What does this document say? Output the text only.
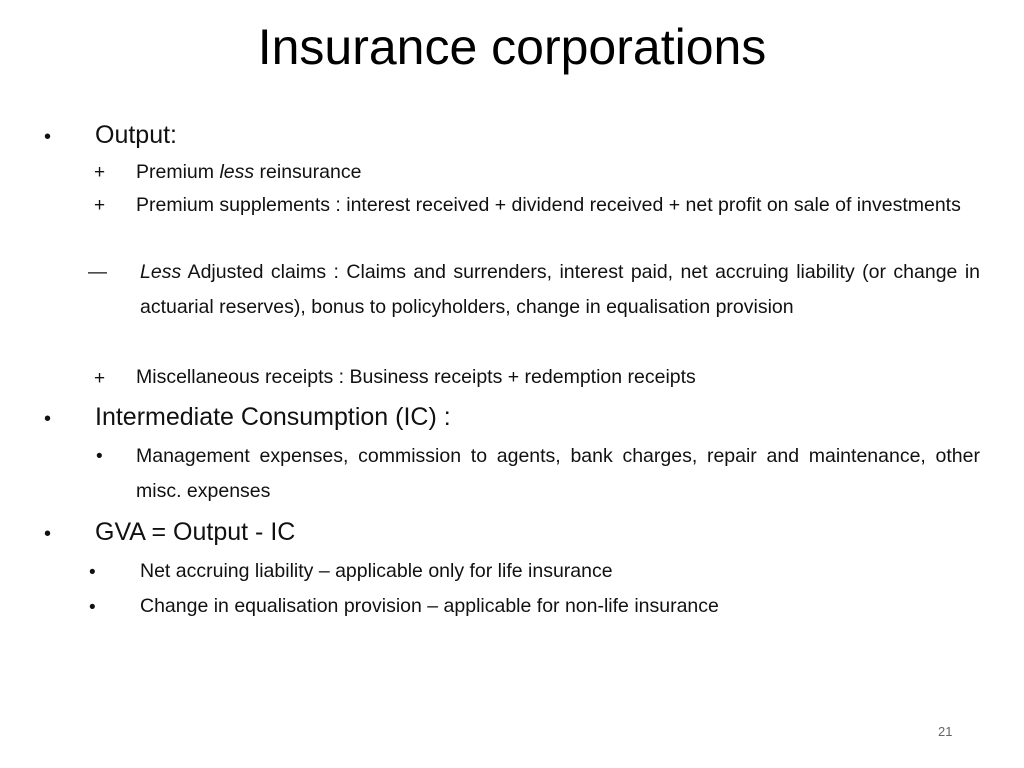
Insurance corporations
• Output:
+ Premium less reinsurance
+ Premium supplements : interest received + dividend received + net profit on sale of investments
— Less Adjusted claims : Claims and surrenders, interest paid, net accruing liability (or change in actuarial reserves), bonus to policyholders, change in equalisation provision
+ Miscellaneous receipts : Business receipts + redemption receipts
• Intermediate Consumption (IC) :
• Management expenses, commission to agents, bank charges, repair and maintenance, other misc. expenses
• GVA = Output - IC
• Net accruing liability – applicable only for life insurance
• Change in equalisation provision – applicable for non-life insurance
21
